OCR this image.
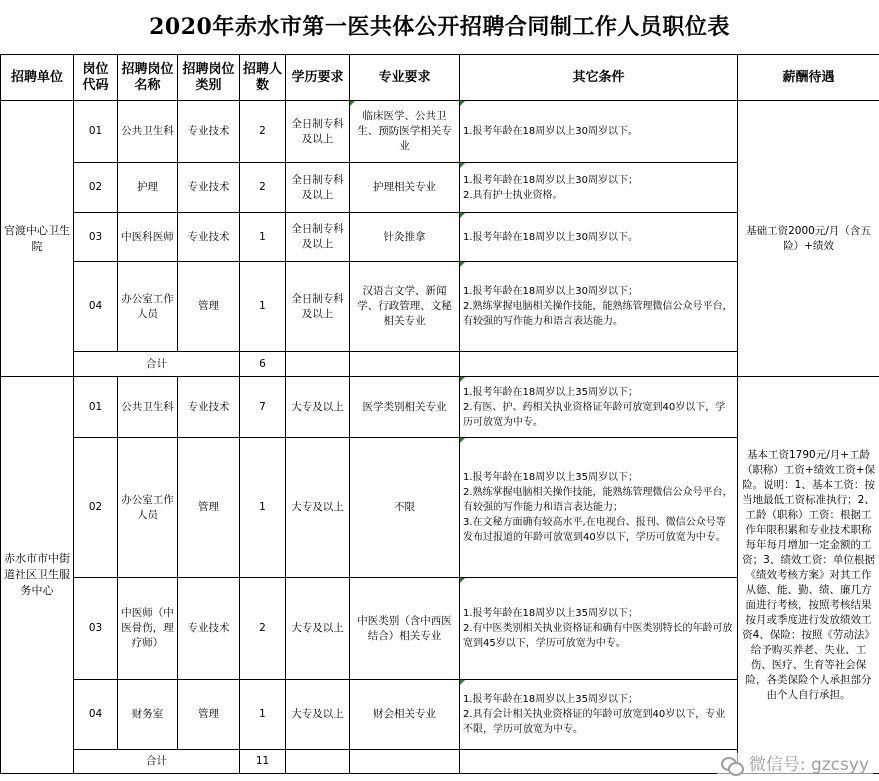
2020年赤水市第一医共体公开招聘合同制工作人员职位表
招聘单位	岗位代码	招聘岗位名称	招聘岗位类别	招聘人数	学历要求	专业要求	其它条件	薪酬待遇
官渡中心卫生院	01	公共卫生科	专业技术	2	全日制专科及以上	临床医学、公共卫生、预防医学相关专业	1.报考年龄在18周岁以上30周岁以下。	基础工资2000元/月（含五险）+绩效
	02	护理	专业技术	2	全日制专科及以上	护理相关专业	1.报考年龄在18周岁以上30周岁以下；
2.具有护士执业资格。	

	03	中医科医师	专业技术	1	全日制专科及以上	针灸推拿	1.报考年龄在18周岁以上30周岁以下。	

	04	办公室工作人员	管理	1	全日制专科及以上	汉语言文学、新闻学、行政管理、文秘相关专业	1.报考年龄在18周岁以上30周岁以下；
2.熟练掌握电脑相关操作技能，能熟练管理微信公众号平台，有较强的写作能力和语言表达能力。	

	合计			6				
赤水市市中街道社区卫生服务中心	01	公共卫生科	专业技术	7	大专及以上	医学类别相关专业	1.报考年龄在18周岁以上35周岁以下；
2.有医、护、药相关执业资格证年龄可放宽到40岁以下，学历可放宽为中专。	基本工资1790元/月+工龄（职称）工资+绩效工资+保险。说明：1、基本工资：按当地最低工资标准执行；2、工龄（职称）工资：根据工作年限积累和专业技术职称每年每月增加一定金额的工资；3、绩效工资：单位根据《绩效考核方案》对其工作从德、能、勤、绩、廉几方面进行考核，按照考核结果按月或季度进行发放绩效工资4、保险：按照《劳动法》给予购买养老、失业、工伤、医疗、生育等社会保险，各类保险个人承担部分由个人自行承担。
	02	办公室工作人员	管理	1	大专及以上	不限	1.报考年龄在18周岁以上35周岁以下；
2.熟练掌握电脑相关操作技能，能熟练管理微信公众号平台，有较强的写作能力和语言表达能力；
3.在文秘方面确有较高水平,在电视台、报刊、微信公众号等发布过报道的年龄可放宽到40岁以下，学历可放宽为中专。	

	03	中医师（中医骨伤，理疗师）	专业技术	2	大专及以上	中医类别（含中西医结合）相关专业	1.报考年龄在18周岁以上35周岁以下；
2.有中医类别相关执业资格证和确有中医类别特长的年龄可放宽到45岁以下，学历可放宽为中专。	

	04	财务室	管理	1	大专及以上	财会相关专业	1.报考年龄在18周岁以上35周岁以下；
2.具有会计相关执业资格证的年龄可放宽到40岁以下，专业不限，学历可放宽为中专。	

	合计			11					微信号: gzcsyy
